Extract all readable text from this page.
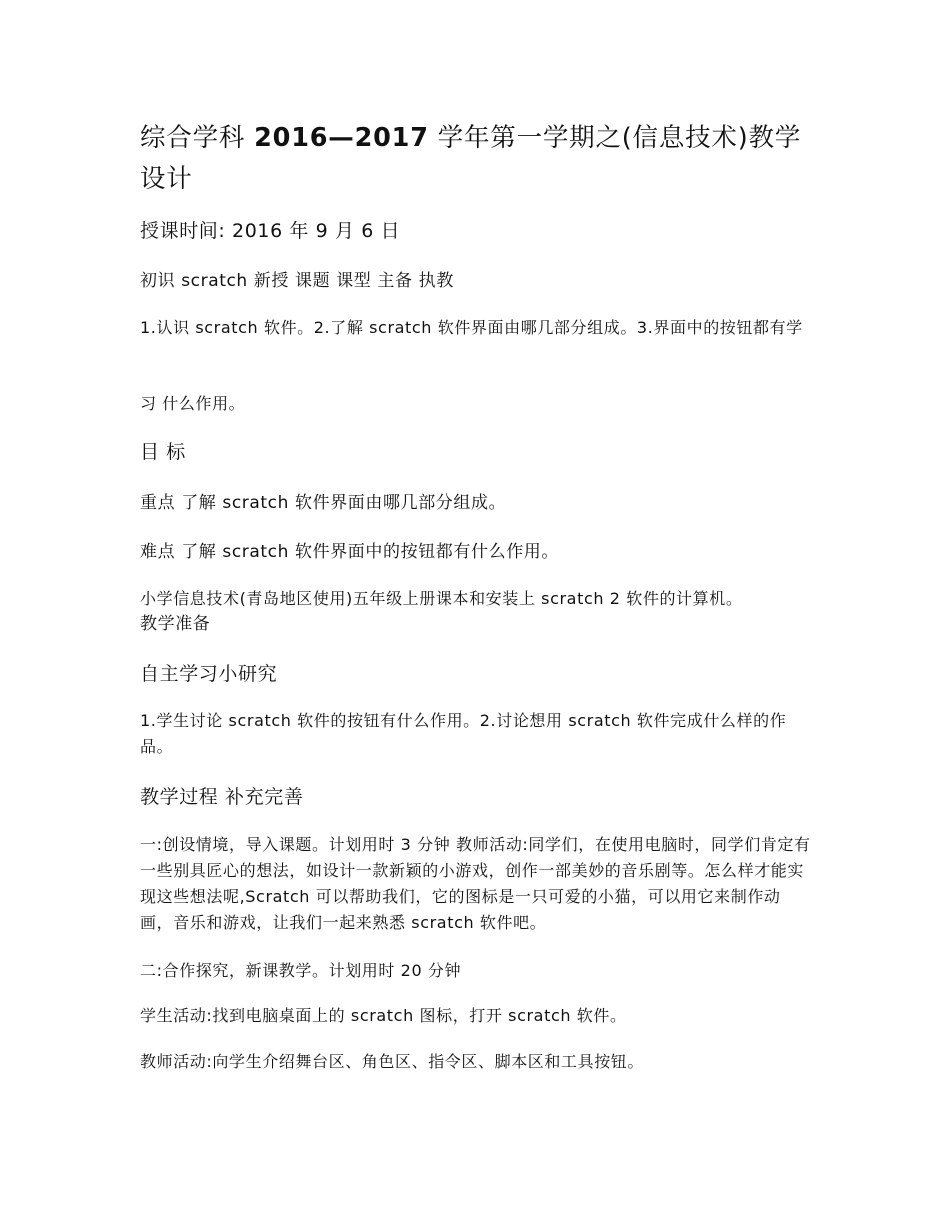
综合学科 2016—2017 学年第一学期之(信息技术)教学设计

授课时间: 2016 年 9 月 6 日

初识 scratch 新授 课题 课型 主备 执教

1.认识 scratch 软件。2.了解 scratch 软件界面由哪几部分组成。3.界面中的按钮都有学

习 什么作用。

目 标

重点 了解 scratch 软件界面由哪几部分组成。

难点 了解 scratch 软件界面中的按钮都有什么作用。

小学信息技术(青岛地区使用)五年级上册课本和安装上 scratch 2 软件的计算机。

教学准备

自主学习小研究

1.学生讨论 scratch 软件的按钮有什么作用。2.讨论想用 scratch 软件完成什么样的作品。

教学过程 补充完善

一:创设情境，导入课题。计划用时 3 分钟 教师活动:同学们，在使用电脑时，同学们肯定有一些别具匠心的想法，如设计一款新颖的小游戏，创作一部美妙的音乐剧等。怎么样才能实现这些想法呢,Scratch 可以帮助我们，它的图标是一只可爱的小猫，可以用它来制作动画，音乐和游戏，让我们一起来熟悉 scratch 软件吧。

二:合作探究，新课教学。计划用时 20 分钟

学生活动:找到电脑桌面上的 scratch 图标，打开 scratch 软件。

教师活动:向学生介绍舞台区、角色区、指令区、脚本区和工具按钮。
